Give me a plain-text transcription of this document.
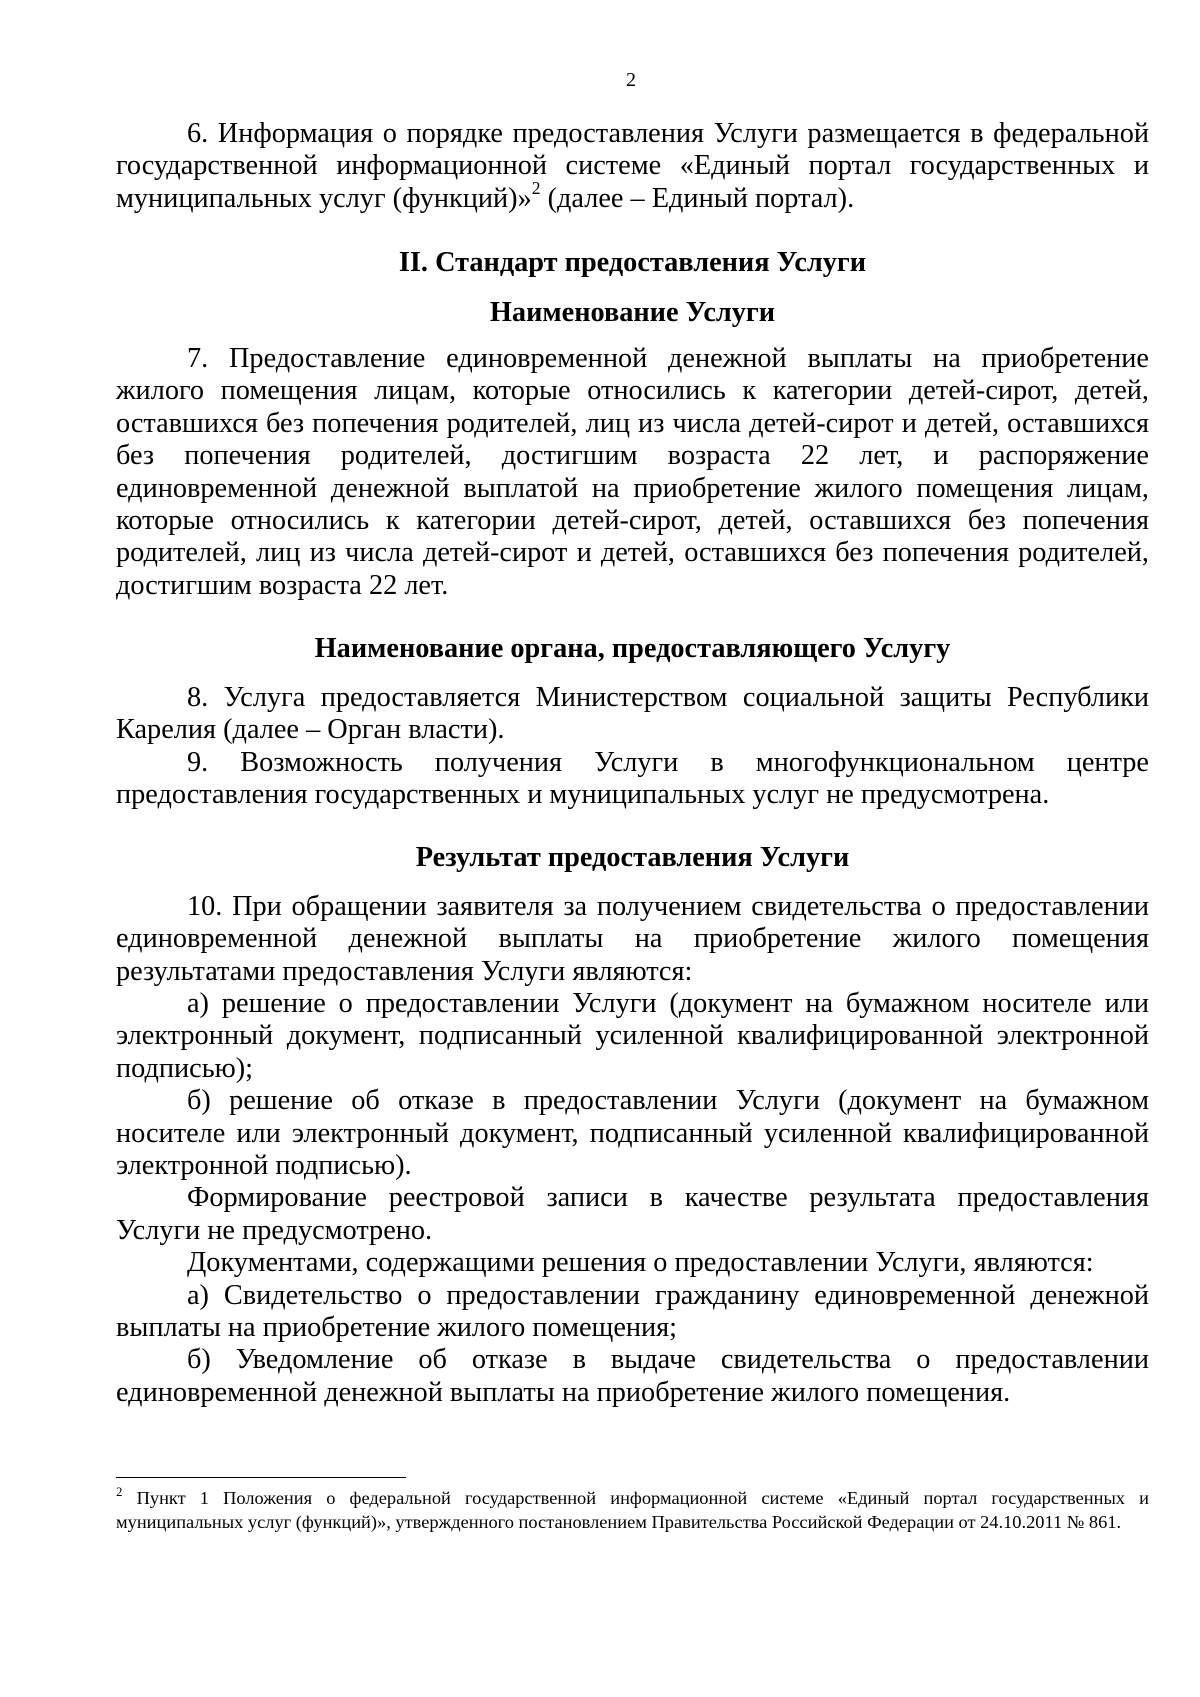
2

6. Информация о порядке предоставления Услуги размещается в федеральной государственной информационной системе «Единый портал государственных и муниципальных услуг (функций)»$^2$ (далее – Единый портал).

II. Стандарт предоставления Услуги

Наименование Услуги

7. Предоставление единовременной денежной выплаты на приобретение жилого помещения лицам, которые относились к категории детей-сирот, детей, оставшихся без попечения родителей, лиц из числа детей-сирот и детей, оставшихся без попечения родителей, достигшим возраста 22 лет, и распоряжение единовременной денежной выплатой на приобретение жилого помещения лицам, которые относились к категории детей-сирот, детей, оставшихся без попечения родителей, лиц из числа детей-сирот и детей, оставшихся без попечения родителей, достигшим возраста 22 лет.

Наименование органа, предоставляющего Услугу

8. Услуга предоставляется Министерством социальной защиты Республики Карелия (далее – Орган власти).

9. Возможность получения Услуги в многофункциональном центре предоставления государственных и муниципальных услуг не предусмотрена.

Результат предоставления Услуги

10. При обращении заявителя за получением свидетельства о предоставлении единовременной денежной выплаты на приобретение жилого помещения результатами предоставления Услуги являются:

а) решение о предоставлении Услуги (документ на бумажном носителе или электронный документ, подписанный усиленной квалифицированной электронной подписью);

б) решение об отказе в предоставлении Услуги (документ на бумажном носителе или электронный документ, подписанный усиленной квалифицированной электронной подписью).

Формирование реестровой записи в качестве результата предоставления Услуги не предусмотрено.

Документами, содержащими решения о предоставлении Услуги, являются:

а) Свидетельство о предоставлении гражданину единовременной денежной выплаты на приобретение жилого помещения;

б) Уведомление об отказе в выдаче свидетельства о предоставлении единовременной денежной выплаты на приобретение жилого помещения.

$^2$ Пункт 1 Положения о федеральной государственной информационной системе «Единый портал государственных и муниципальных услуг (функций)», утвержденного постановлением Правительства Российской Федерации от 24.10.2011 № 861.
